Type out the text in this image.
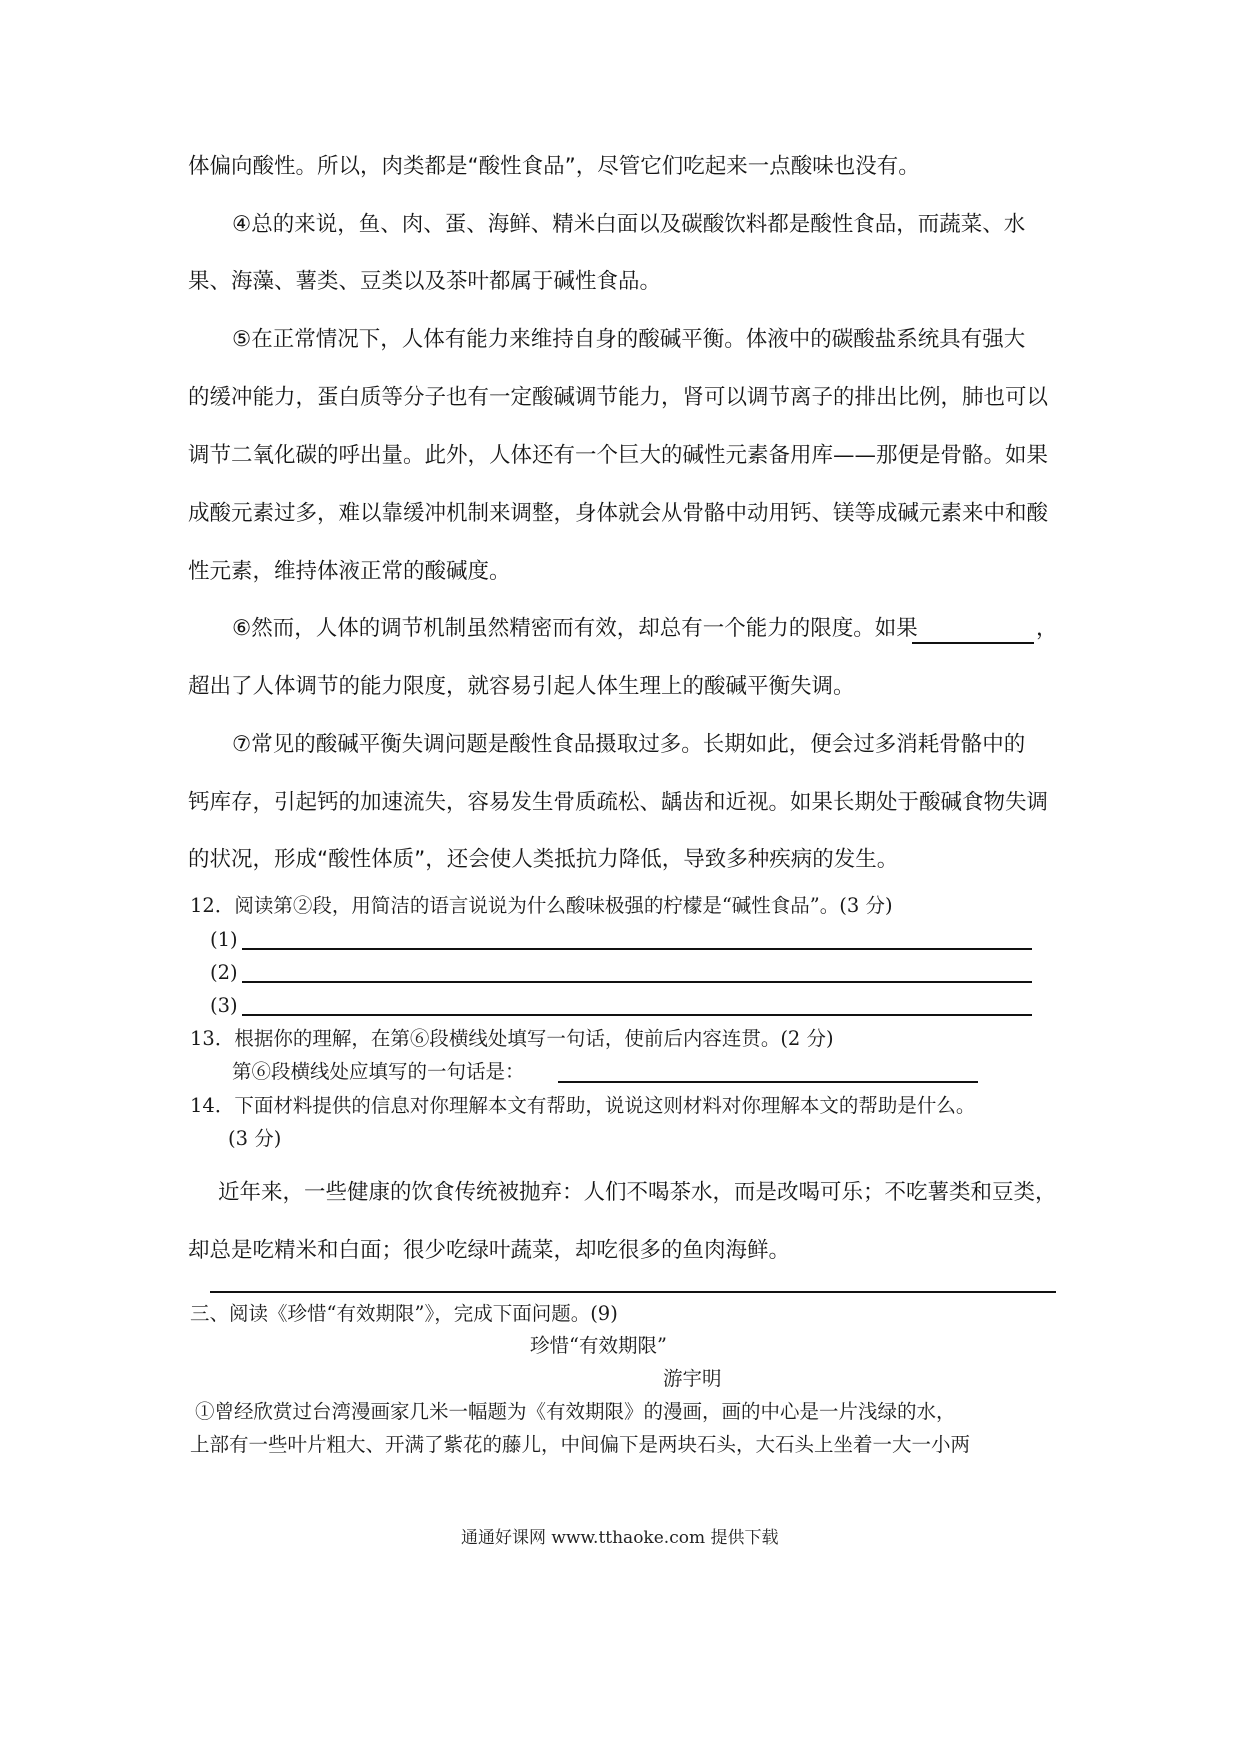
体偏向酸性。所以，肉类都是“酸性食品”，尽管它们吃起来一点酸味也没有。
④总的来说，鱼、肉、蛋、海鲜、精米白面以及碳酸饮料都是酸性食品，而蔬菜、水
果、海藻、薯类、豆类以及茶叶都属于碱性食品。
⑤在正常情况下，人体有能力来维持自身的酸碱平衡。体液中的碳酸盐系统具有强大
的缓冲能力，蛋白质等分子也有一定酸碱调节能力，肾可以调节离子的排出比例，肺也可以
调节二氧化碳的呼出量。此外，人体还有一个巨大的碱性元素备用库——那便是骨骼。如果
成酸元素过多，难以靠缓冲机制来调整，身体就会从骨骼中动用钙、镁等成碱元素来中和酸
性元素，维持体液正常的酸碱度。
⑥然而，人体的调节机制虽然精密而有效，却总有一个能力的限度。如果	，
超出了人体调节的能力限度，就容易引起人体生理上的酸碱平衡失调。
⑦常见的酸碱平衡失调问题是酸性食品摄取过多。长期如此，便会过多消耗骨骼中的
钙库存，引起钙的加速流失，容易发生骨质疏松、龋齿和近视。如果长期处于酸碱食物失调
的状况，形成“酸性体质”，还会使人类抵抗力降低，导致多种疾病的发生。
12．阅读第②段，用简洁的语言说说为什么酸味极强的柠檬是“碱性食品”。(3 分)
(1)
(2)
(3)
13．根据你的理解，在第⑥段横线处填写一句话，使前后内容连贯。(2 分)
第⑥段横线处应填写的一句话是：
14．下面材料提供的信息对你理解本文有帮助，说说这则材料对你理解本文的帮助是什么。
(3 分)
近年来，一些健康的饮食传统被抛弃：人们不喝茶水，而是改喝可乐；不吃薯类和豆类，
却总是吃精米和白面；很少吃绿叶蔬菜，却吃很多的鱼肉海鲜。
三、阅读《珍惜“有效期限”》，完成下面问题。(9)
珍惜“有效期限”
游宇明
①曾经欣赏过台湾漫画家几米一幅题为《有效期限》的漫画，画的中心是一片浅绿的水，
上部有一些叶片粗大、开满了紫花的藤儿，中间偏下是两块石头，大石头上坐着一大一小两
通通好课网 www.tthaoke.com 提供下载
